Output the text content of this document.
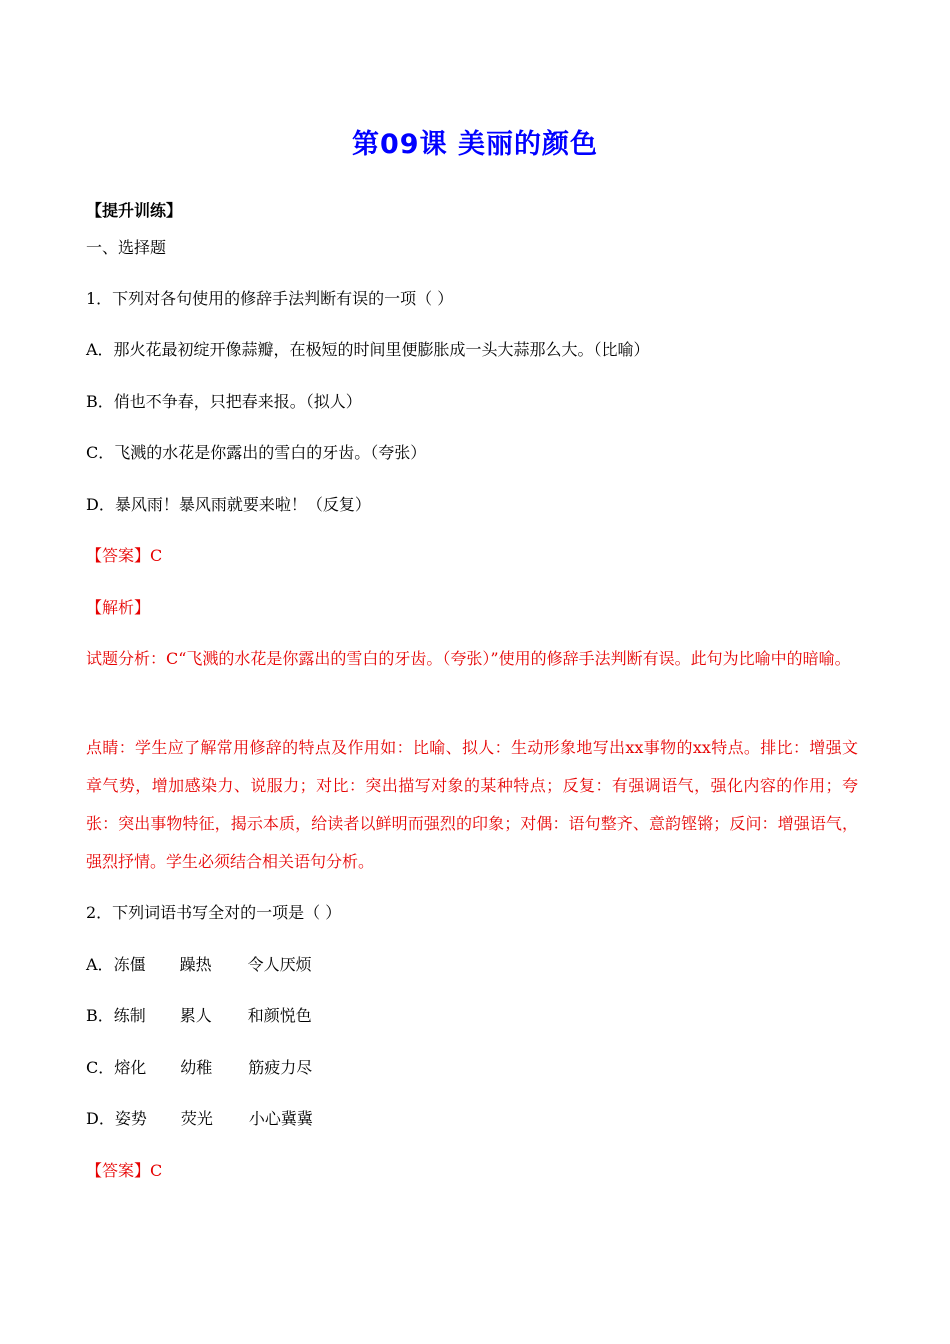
第09课 美丽的颜色
【提升训练】
一、选择题
1．下列对各句使用的修辞手法判断有误的一项（ ）
A．那火花最初绽开像蒜瓣，在极短的时间里便膨胀成一头大蒜那么大。（比喻）
B．俏也不争春，只把春来报。（拟人）
C．飞溅的水花是你露出的雪白的牙齿。（夸张）
D．暴风雨！暴风雨就要来啦！（反复）
【答案】C
【解析】
试题分析：C“飞溅的水花是你露出的雪白的牙齿。（夸张）”使用的修辞手法判断有误。此句为比喻中的暗喻。
点睛：学生应了解常用修辞的特点及作用如：比喻、拟人：生动形象地写出xx事物的xx特点。排比：增强文章气势，增加感染力、说服力；对比：突出描写对象的某种特点；反复：有强调语气，强化内容的作用；夸张：突出事物特征，揭示本质，给读者以鲜明而强烈的印象；对偶：语句整齐、意韵铿锵；反问：增强语气，强烈抒情。学生必须结合相关语句分析。
2．下列词语书写全对的一项是（ ）
A．冻僵 躁热 令人厌烦
B．练制 累人 和颜悦色
C．熔化 幼稚 筋疲力尽
D．姿势 荧光 小心冀冀
【答案】C
